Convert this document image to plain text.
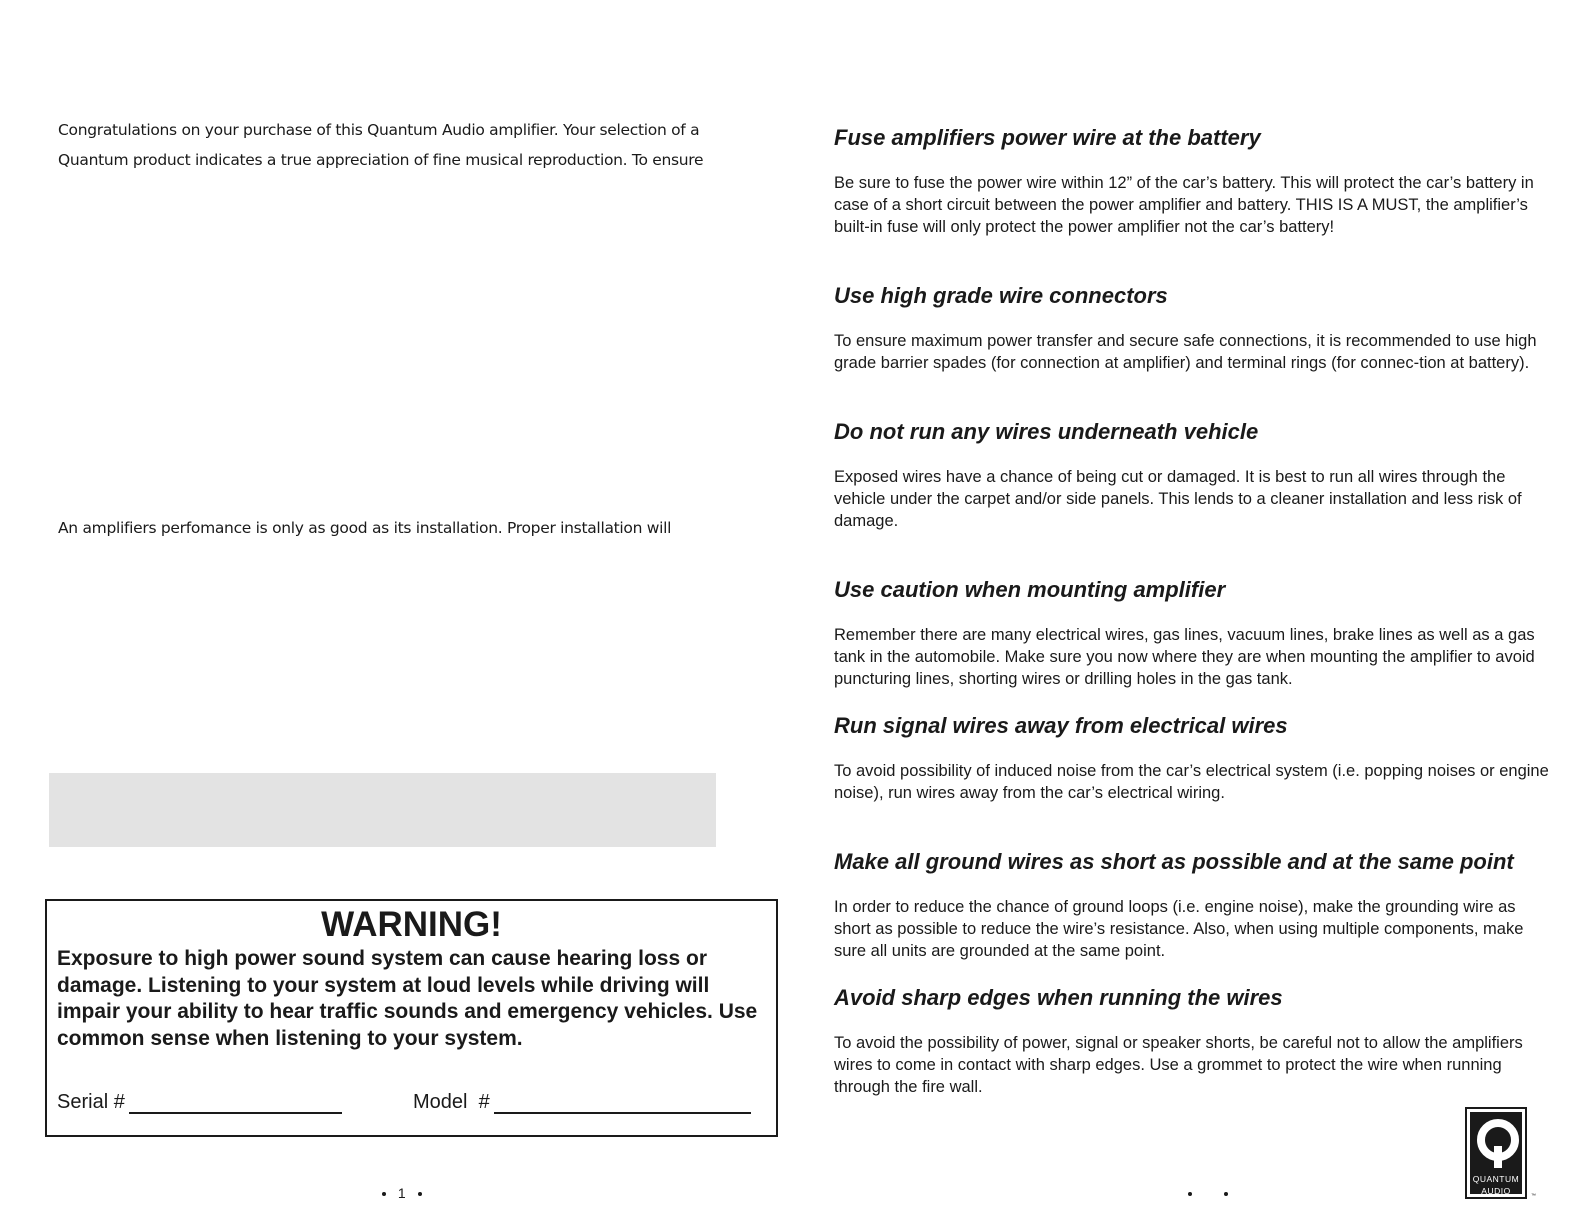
Congratulations on your purchase of this Quantum Audio amplifier. Your selection of a
Quantum product indicates a true appreciation of fine musical reproduction. To ensure
An amplifiers perfomance is only as good as its installation. Proper installation will
WARNING!
Exposure to high power sound system can cause hearing loss or damage. Listening to your system at loud levels while driving will impair your ability to hear traffic sounds and emergency vehicles. Use common sense when listening to your system.
Serial #	Model  #
1
Fuse amplifiers power wire at the battery
Be sure to fuse the power wire within 12” of the car’s battery. This will protect the car’s battery in case of a short circuit between the power amplifier and battery. THIS IS A MUST, the amplifier’s built-in fuse will only protect the power amplifier not the car’s battery!
Use high grade wire connectors
To ensure maximum power transfer and secure safe connections, it is recommended to use high grade barrier spades (for connection at amplifier) and terminal rings (for connec-tion at battery).
Do not run any wires underneath vehicle
Exposed wires have a chance of being cut or damaged. It is best to run all wires through the vehicle under the carpet and/or side panels. This lends to a cleaner installation and less risk of damage.
Use caution when mounting amplifier
Remember there are many electrical wires, gas lines, vacuum lines, brake lines as well as a gas tank in the automobile. Make sure you now where they are when mounting the amplifier to avoid puncturing lines, shorting wires or drilling holes in the gas tank.
Run signal wires away from electrical wires
To avoid possibility of induced noise from the car’s electrical system (i.e. popping noises or engine noise), run wires away from the car’s electrical wiring.
Make all ground wires as short as possible and at the same point
In order to reduce the chance of ground loops (i.e. engine noise), make the grounding wire as short as possible to reduce the wire’s resistance. Also, when using multiple components, make sure all units are grounded at the same point.
Avoid sharp edges when running the wires
To avoid the possibility of power, signal or speaker shorts, be careful not to allow the amplifiers wires to come in contact with sharp edges. Use a grommet to protect the wire when running through the fire wall.

QUANTUM
AUDIO	™
